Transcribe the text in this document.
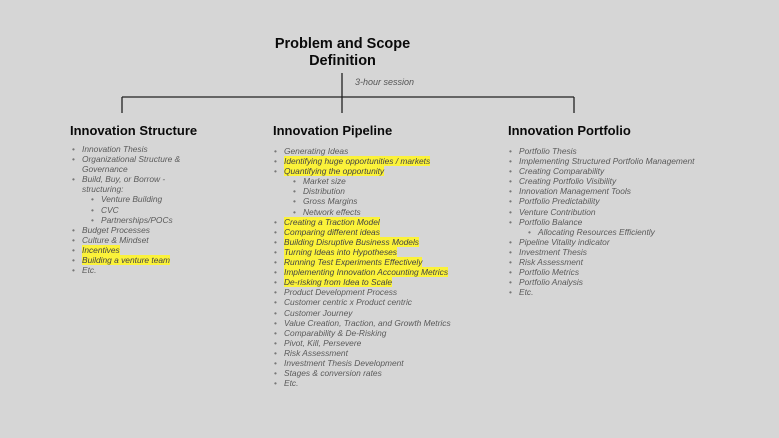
Problem and Scope Definition
3-hour session
Innovation Structure	Innovation Pipeline	Innovation Portfolio
• Innovation Thesis
• Organizational Structure & Governance
• Build, Buy, or Borrow - structuring:
• Venture Building
• CVC
• Partnerships/POCs
• Budget Processes
• Culture & Mindset
• Incentives
• Building a venture team
• Etc.
• Generating Ideas
• Identifying huge opportunities / markets
• Quantifying the opportunity
• Market size
• Distribution
• Gross Margins
• Network effects
• Creating a Traction Model
• Comparing different ideas
• Building Disruptive Business Models
• Turning Ideas into Hypotheses
• Running Test Experiments Effectively
• Implementing Innovation Accounting Metrics
• De-risking from Idea to Scale
• Product Development Process
• Customer centric x Product centric
• Customer Journey
• Value Creation, Traction, and Growth Metrics
• Comparability & De-Risking
• Pivot, Kill, Persevere
• Risk Assessment
• Investment Thesis Development
• Stages & conversion rates
• Etc.
• Portfolio Thesis
• Implementing Structured Portfolio Management
• Creating Comparability
• Creating Portfolio Visibility
• Innovation Management Tools
• Portfolio Predictability
• Venture Contribution
• Portfolio Balance
• Allocating Resources Efficiently
• Pipeline Vitality indicator
• Investment Thesis
• Risk Assessment
• Portfolio Metrics
• Portfolio Analysis
• Etc.
